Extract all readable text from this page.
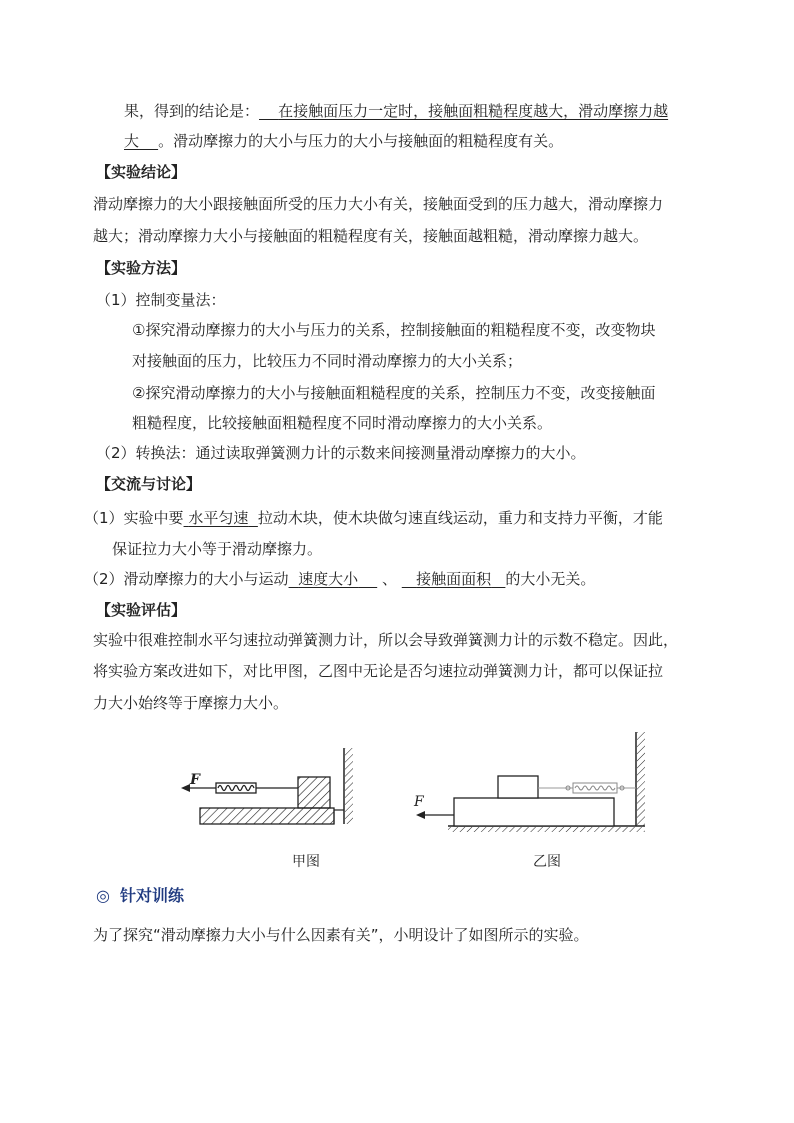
果，得到的结论是： 在接触面压力一定时，接触面粗糙程度越大，滑动摩擦力越
大 。滑动摩擦力的大小与压力的大小与接触面的粗糙程度有关。
【实验结论】
滑动摩擦力的大小跟接触面所受的压力大小有关，接触面受到的压力越大，滑动摩擦力
越大；滑动摩擦力大小与接触面的粗糙程度有关，接触面越粗糙，滑动摩擦力越大。
【实验方法】
（1）控制变量法：
①探究滑动摩擦力的大小与压力的关系，控制接触面的粗糙程度不变，改变物块
对接触面的压力，比较压力不同时滑动摩擦力的大小关系；
②探究滑动摩擦力的大小与接触面粗糙程度的关系，控制压力不变，改变接触面
粗糙程度，比较接触面粗糙程度不同时滑动摩擦力的大小关系。
（2）转换法：通过读取弹簧测力计的示数来间接测量滑动摩擦力的大小。
【交流与讨论】
（1）实验中要 水平匀速 拉动木块，使木块做匀速直线运动，重力和支持力平衡，才能
保证拉力大小等于滑动摩擦力。
（2）滑动摩擦力的大小与运动 速度大小 、 接触面面积 的大小无关。
【实验评估】
实验中很难控制水平匀速拉动弹簧测力计，所以会导致弹簧测力计的示数不稳定。因此，
将实验方案改进如下，对比甲图，乙图中无论是否匀速拉动弹簧测力计，都可以保证拉
力大小始终等于摩擦力大小。
F
甲图
F
乙图
◎ 针对训练
为了探究“滑动摩擦力大小与什么因素有关”，小明设计了如图所示的实验。
